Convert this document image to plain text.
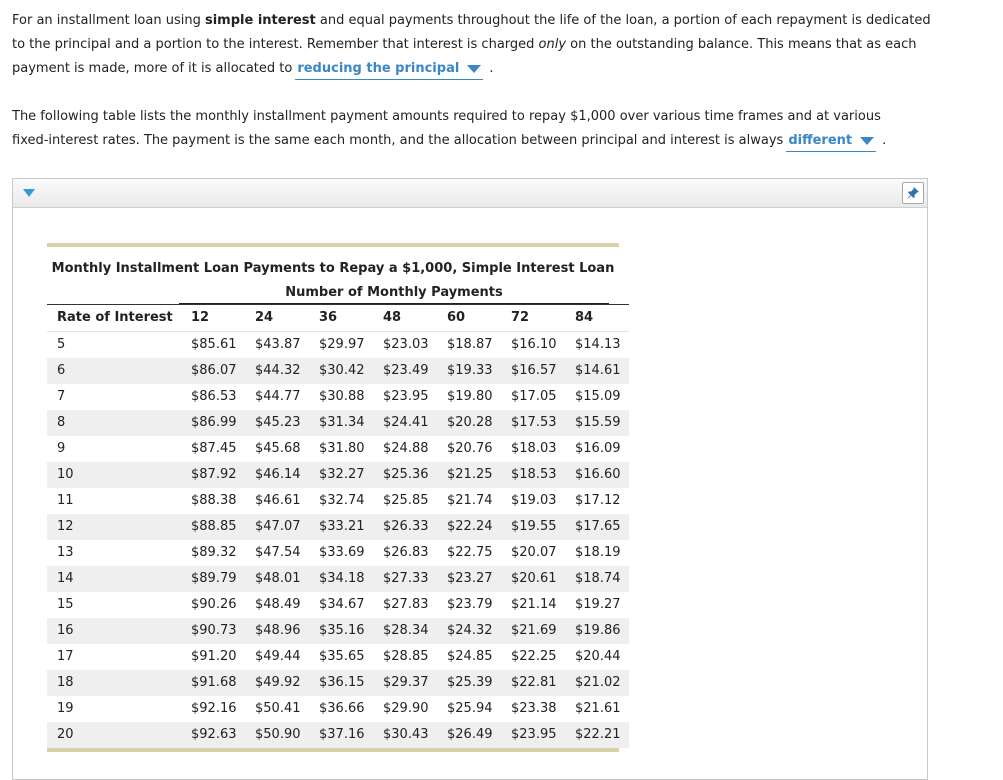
For an installment loan using simple interest and equal payments throughout the life of the loan, a portion of each repayment is dedicated to the principal and a portion to the interest. Remember that interest is charged only on the outstanding balance. This means that as each payment is made, more of it is allocated to reducing the principal .

The following table lists the monthly installment payment amounts required to repay $1,000 over various time frames and at various fixed-interest rates. The payment is the same each month, and the allocation between principal and interest is always different .

Monthly Installment Loan Payments to Repay a $1,000, Simple Interest Loan
Number of Monthly Payments
Rate of Interest	12	24	36	48	60	72	84
5	$85.61	$43.87	$29.97	$23.03	$18.87	$16.10	$14.13
6	$86.07	$44.32	$30.42	$23.49	$19.33	$16.57	$14.61
7	$86.53	$44.77	$30.88	$23.95	$19.80	$17.05	$15.09
8	$86.99	$45.23	$31.34	$24.41	$20.28	$17.53	$15.59
9	$87.45	$45.68	$31.80	$24.88	$20.76	$18.03	$16.09
10	$87.92	$46.14	$32.27	$25.36	$21.25	$18.53	$16.60
11	$88.38	$46.61	$32.74	$25.85	$21.74	$19.03	$17.12
12	$88.85	$47.07	$33.21	$26.33	$22.24	$19.55	$17.65
13	$89.32	$47.54	$33.69	$26.83	$22.75	$20.07	$18.19
14	$89.79	$48.01	$34.18	$27.33	$23.27	$20.61	$18.74
15	$90.26	$48.49	$34.67	$27.83	$23.79	$21.14	$19.27
16	$90.73	$48.96	$35.16	$28.34	$24.32	$21.69	$19.86
17	$91.20	$49.44	$35.65	$28.85	$24.85	$22.25	$20.44
18	$91.68	$49.92	$36.15	$29.37	$25.39	$22.81	$21.02
19	$92.16	$50.41	$36.66	$29.90	$25.94	$23.38	$21.61
20	$92.63	$50.90	$37.16	$30.43	$26.49	$23.95	$22.21
